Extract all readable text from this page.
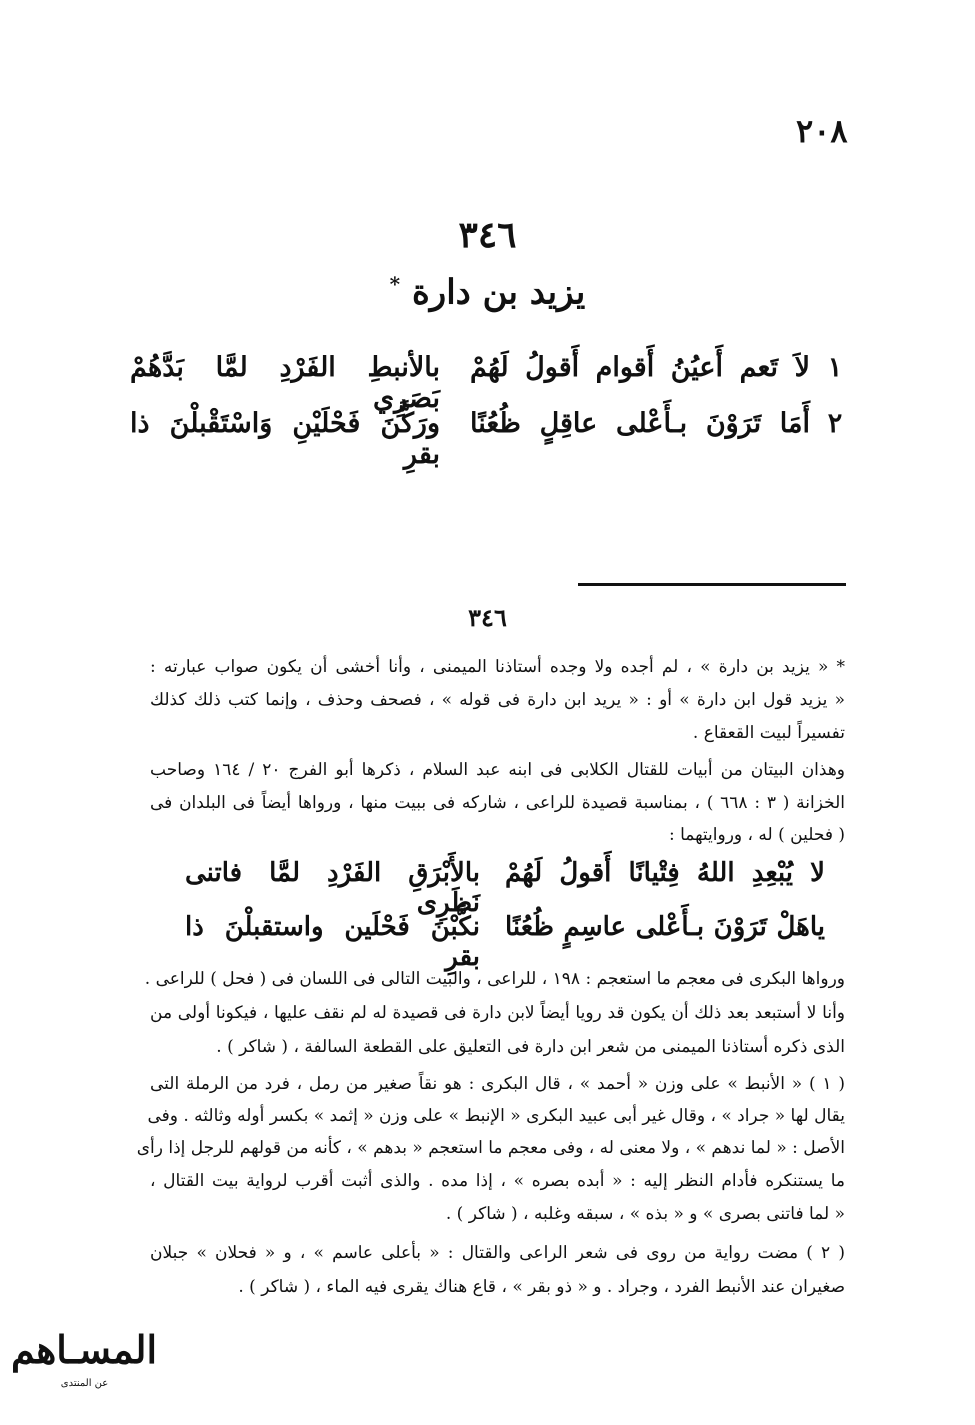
٢٠٨
٣٤٦
يزيد بن دارة *
١
لاَ تَعم أَعيُنُ أَقوام أَقولُ لَهُمْ
بالأنبطِ الفَرْدِ لمَّا بَدَّهُمْ بَصَرِي
٢
أَمَا تَرَوْنَ بـأَعْلى عاقِلٍ ظُعُنًا
ورَكَّنَ فَحْلَيْنِ وَاسْتَقْبلْنَ ذا بقرِ
٣٤٦
* « يزيد بن دارة » ، لم أجده ولا وجده أستاذنا الميمنى ، وأنا أخشى أن يكون صواب عبارته :
« يزيد قول ابن دارة » أو : « يريد ابن دارة فى قوله » ، فصحف وحذف ، وإنما كتب ذلك كذلك
تفسيراً لبيت القعقاع .
وهذان البيتان من أبيات للقتال الكلابى فى ابنه عبد السلام ، ذكرها أبو الفرج ٢٠ / ١٦٤ وصاحب
الخزانة ( ٣ : ٦٦٨ ) ، بمناسبة قصيدة للراعى ، شاركه فى ببيت منها ، ورواها أيضاً فى البلدان فى
( فحلين ) له ، وروايتهما :
لا يُبْعِدِ اللهُ فِتْيانًا أَقولُ لَهُمْ
بالأَبْرَقِ الفَرْدِ لمَّا فاتنى نَظَرِى
ياهَلْ تَرَوْنَ بـأَعْلى عاسِمٍ ظُعُنًا
نكَّبْنَ فَحْلَين واستقبلْنَ ذا بقرِ
ورواها البكرى فى معجم ما استعجم : ١٩٨ ، للراعى ، والبيت التالى فى اللسان فى ( فحل ) للراعى .
وأنا لا أستبعد بعد ذلك أن يكون قد رويا أيضاً لابن دارة فى قصيدة له لم نقف عليها ، فيكونا أولى من
الذى ذكره أستاذنا الميمنى من شعر ابن دارة فى التعليق على القطعة السالفة ، ( شاكر ) .
( ١ ) « الأنبط » على وزن « أحمد » ، قال البكرى : هو نقاً صغير من رمل ، فرد من الرملة التى
يقال لها « جراد » ، وقال غير أبى عبيد البكرى « الإنبط » على وزن « إثمد » بكسر أوله وثالثه . وفى
الأصل : « لما ندهم » ، ولا معنى له ، وفى معجم ما استعجم « بدهم » ، كأنه من قولهم للرجل إذا رأى
ما يستنكره فأدام النظر إليه : « أبده بصره » ، إذا مده . والذى أثبت أقرب لرواية بيت القتال ،
« لما فاتنى بصرى » و « بذه » ، سبقه وغلبه ، ( شاكر ) .
( ٢ ) مضت رواية من روى فى شعر الراعى والقتال : « بأعلى عاسم » ، و « فحلان » جبلان
صغيران عند الأنبط الفرد ، وجراد . و « ذو بقر » ، قاع هناك يقرى فيه الماء ، ( شاكر ) .
المسـاهم
عن المنتدى
